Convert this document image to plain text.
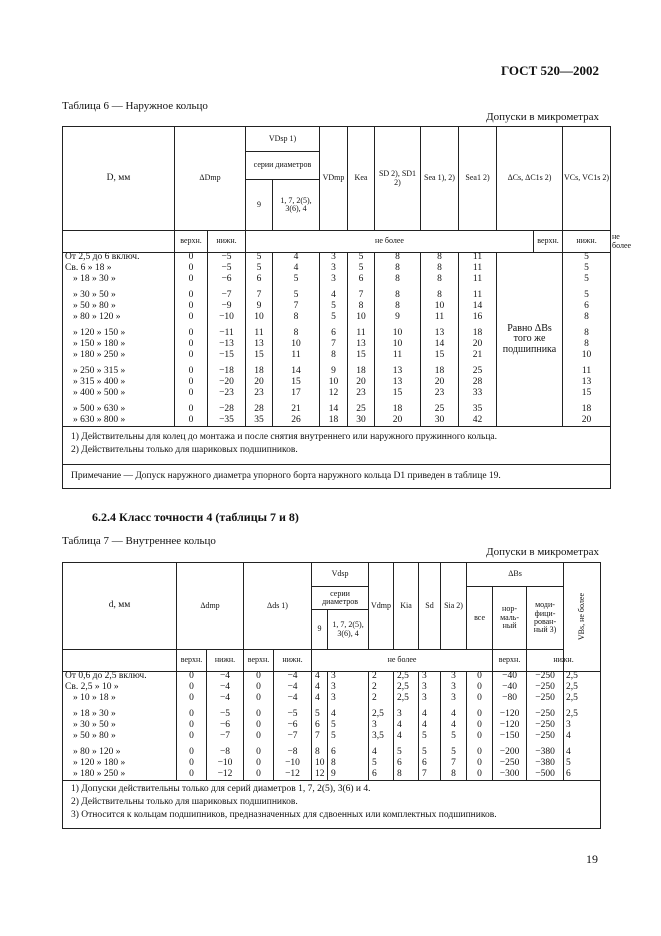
ГОСТ 520—2002
Таблица 6 — Наружное кольцо
Допуски в микрометрах
D, мм	ΔDmp		VDsp 1)		VDmp	Kea	SD 2), SD1 2)	Sea 1), 2)	Sea1 2)	ΔCs, ΔC1s 2)		VCs, VC1s 2)	
			серии диаметров										
			9	1, 7, 2(5), 3(6), 4									
	верхн.	нижн.	не более								верхн.	нижн.	не более
От 2,5 до 6 включ.	0	−5	5	4	3	5	8	8	11	Равно ΔBs того же подшипника		5	
Св. 6 » 18 »	0	−5	5	4	3	5	8	8	11			5	
» 18 » 30 »	0	−6	6	5	3	6	8	8	11			5	

» 30 » 50 »	0	−7	7	5	4	7	8	8	11			5	
» 50 » 80 »	0	−9	9	7	5	8	8	10	14			6	
» 80 » 120 »	0	−10	10	8	5	10	9	11	16			8	

» 120 » 150 »	0	−11	11	8	6	11	10	13	18			8	
» 150 » 180 »	0	−13	13	10	7	13	10	14	20			8	
» 180 » 250 »	0	−15	15	11	8	15	11	15	21			10	

» 250 » 315 »	0	−18	18	14	9	18	13	18	25			11	
» 315 » 400 »	0	−20	20	15	10	20	13	20	28			13	
» 400 » 500 »	0	−23	23	17	12	23	15	23	33			15	

» 500 » 630 »	0	−28	28	21	14	25	18	25	35			18	
» 630 » 800 »	0	−35	35	26	18	30	20	30	42			20	

1) Действительны для колец до монтажа и после снятия внутреннего или наружного пружинного кольца.
2) Действительны только для шариковых подшипников.													

Примечание — Допуск наружного диаметра упорного борта наружного кольца D1 приведен в таблице 19.													
6.2.4 Класс точности 4 (таблицы 7 и 8)
Таблица 7 — Внутреннее кольцо
Допуски в микрометрах
d, мм	Δdmp		Δds 1)		Vdsp		Vdmp	Kia	Sd	Sia 2)	ΔBs			VBs, не более

					серии диаметров						все	нор-маль-ный	моди-фици-рован-ный 3)	
					9	1, 7, 2(5), 3(6), 4								
	верхн.	нижн.	верхн.	нижн.	не более							верхн.	нижн.	
От 0,6 до 2,5 включ.	0	−4	0	−4	4	3	2	2,5	3	3	0	−40	−250	2,5
Св. 2,5 » 10 »	0	−4	0	−4	4	3	2	2,5	3	3	0	−40	−250	2,5
» 10 » 18 »	0	−4	0	−4	4	3	2	2,5	3	3	0	−80	−250	2,5

» 18 » 30 »	0	−5	0	−5	5	4	2,5	3	4	4	0	−120	−250	2,5
» 30 » 50 »	0	−6	0	−6	6	5	3	4	4	4	0	−120	−250	3
» 50 » 80 »	0	−7	0	−7	7	5	3,5	4	5	5	0	−150	−250	4

» 80 » 120 »	0	−8	0	−8	8	6	4	5	5	5	0	−200	−380	4
» 120 » 180 »	0	−10	0	−10	10	8	5	6	6	7	0	−250	−380	5
» 180 » 250 »	0	−12	0	−12	12	9	6	8	7	8	0	−300	−500	6

1) Допуски действительны только для серий диаметров 1, 7, 2(5), 3(6) и 4.
2) Действительны только для шариковых подшипников.
3) Относится к кольцам подшипников, предназначенных для сдвоенных или комплектных подшипников.														
19
